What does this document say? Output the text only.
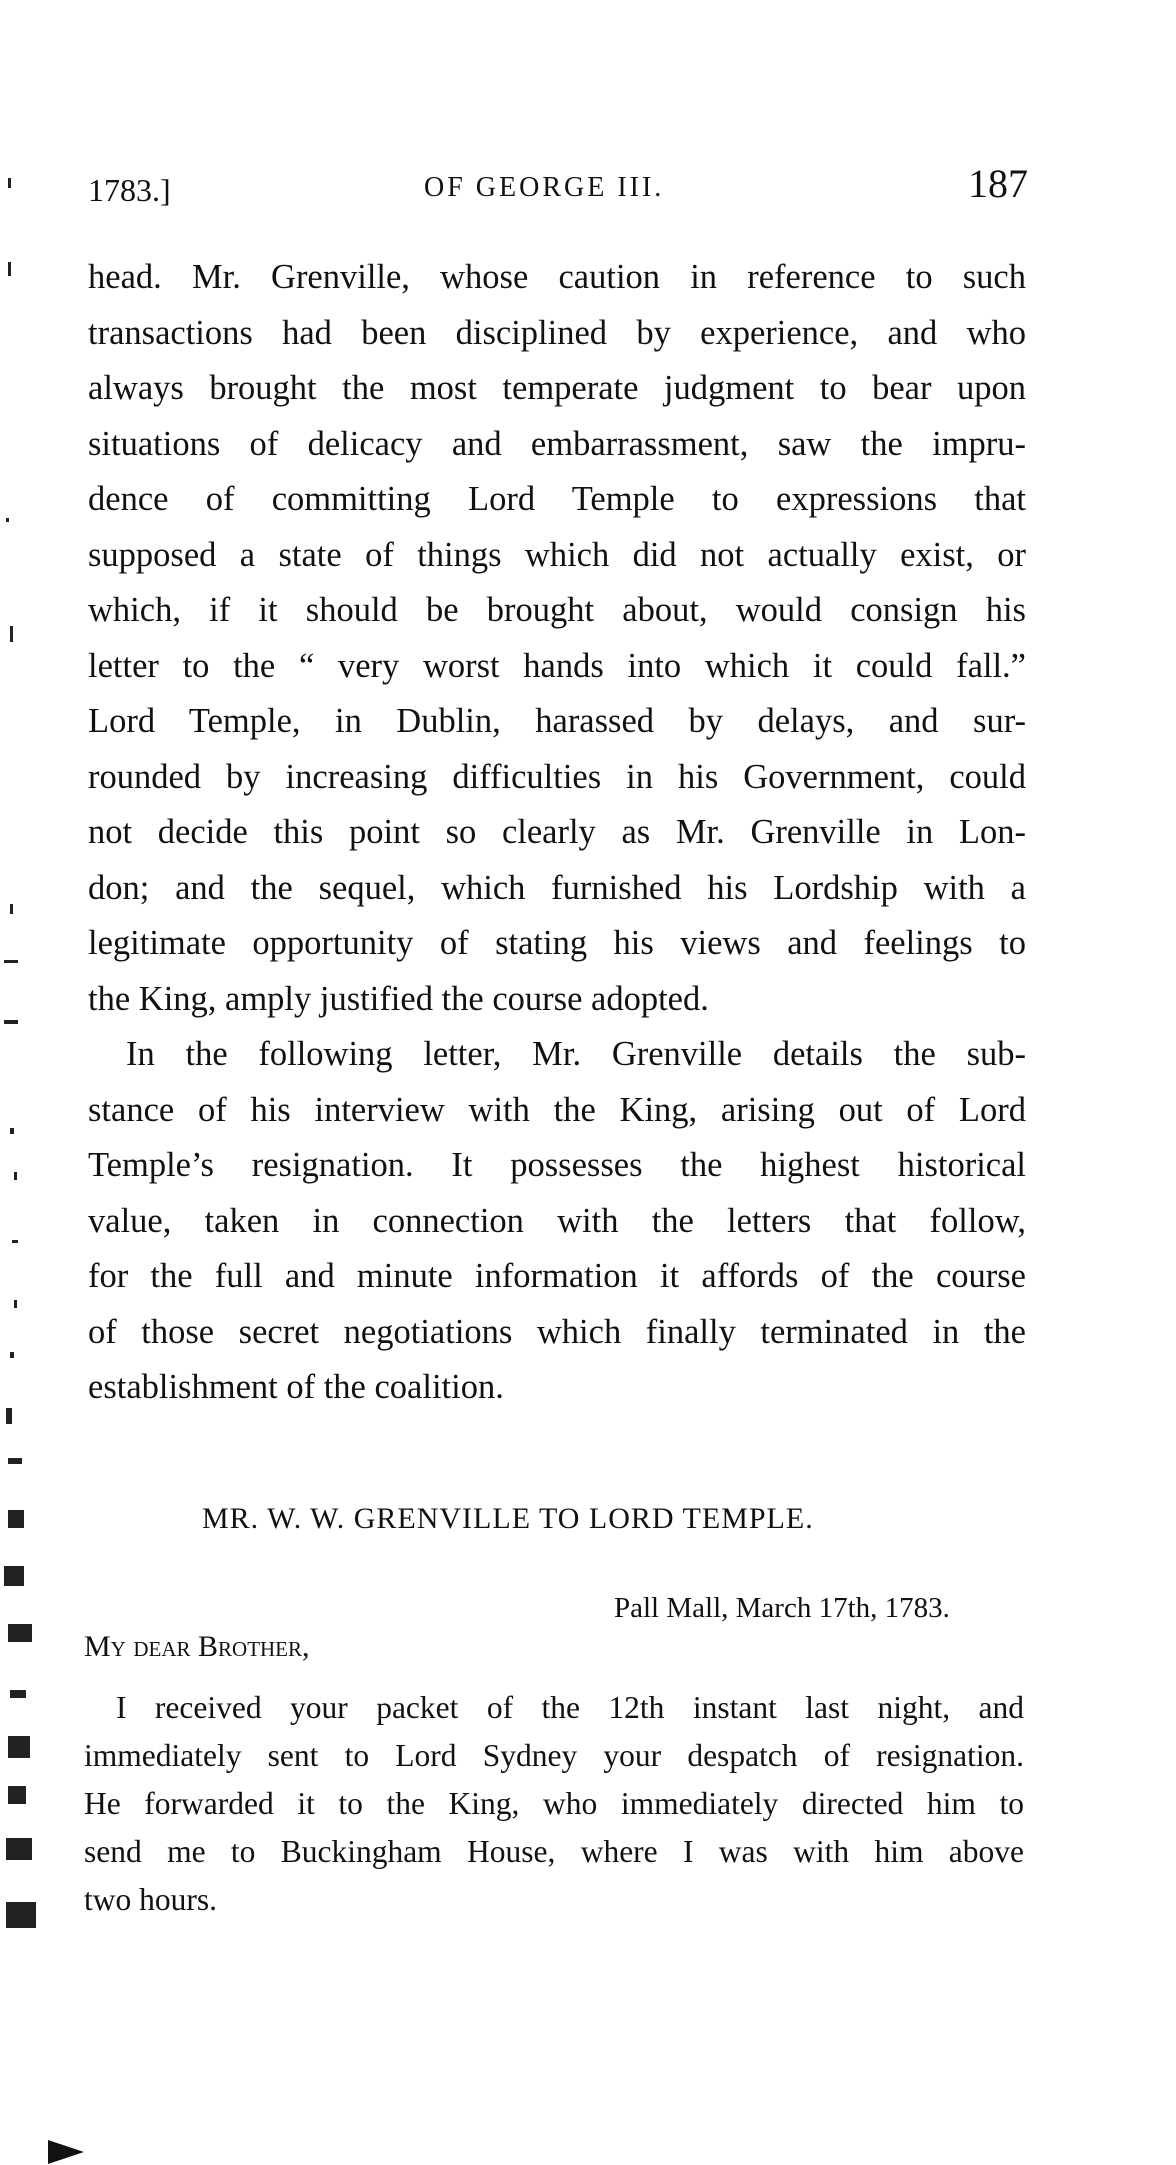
1783.]	OF GEORGE III.	187
head. Mr. Grenville, whose caution in reference to such
transactions had been disciplined by experience, and who
always brought the most temperate judgment to bear upon
situations of delicacy and embarrassment, saw the impru-
dence of committing Lord Temple to expressions that
supposed a state of things which did not actually exist, or
which, if it should be brought about, would consign his
letter to the “ very worst hands into which it could fall.”
Lord Temple, in Dublin, harassed by delays, and sur-
rounded by increasing difficulties in his Government, could
not decide this point so clearly as Mr. Grenville in Lon-
don; and the sequel, which furnished his Lordship with a
legitimate opportunity of stating his views and feelings to
the King, amply justified the course adopted.
In the following letter, Mr. Grenville details the sub-
stance of his interview with the King, arising out of Lord
Temple’s resignation. It possesses the highest historical
value, taken in connection with the letters that follow,
for the full and minute information it affords of the course
of those secret negotiations which finally terminated in the
establishment of the coalition.
MR. W. W. GRENVILLE TO LORD TEMPLE.
Pall Mall, March 17th, 1783.
My dear Brother,
I received your packet of the 12th instant last night, and
immediately sent to Lord Sydney your despatch of resignation.
He forwarded it to the King, who immediately directed him to
send me to Buckingham House, where I was with him above
two hours.
